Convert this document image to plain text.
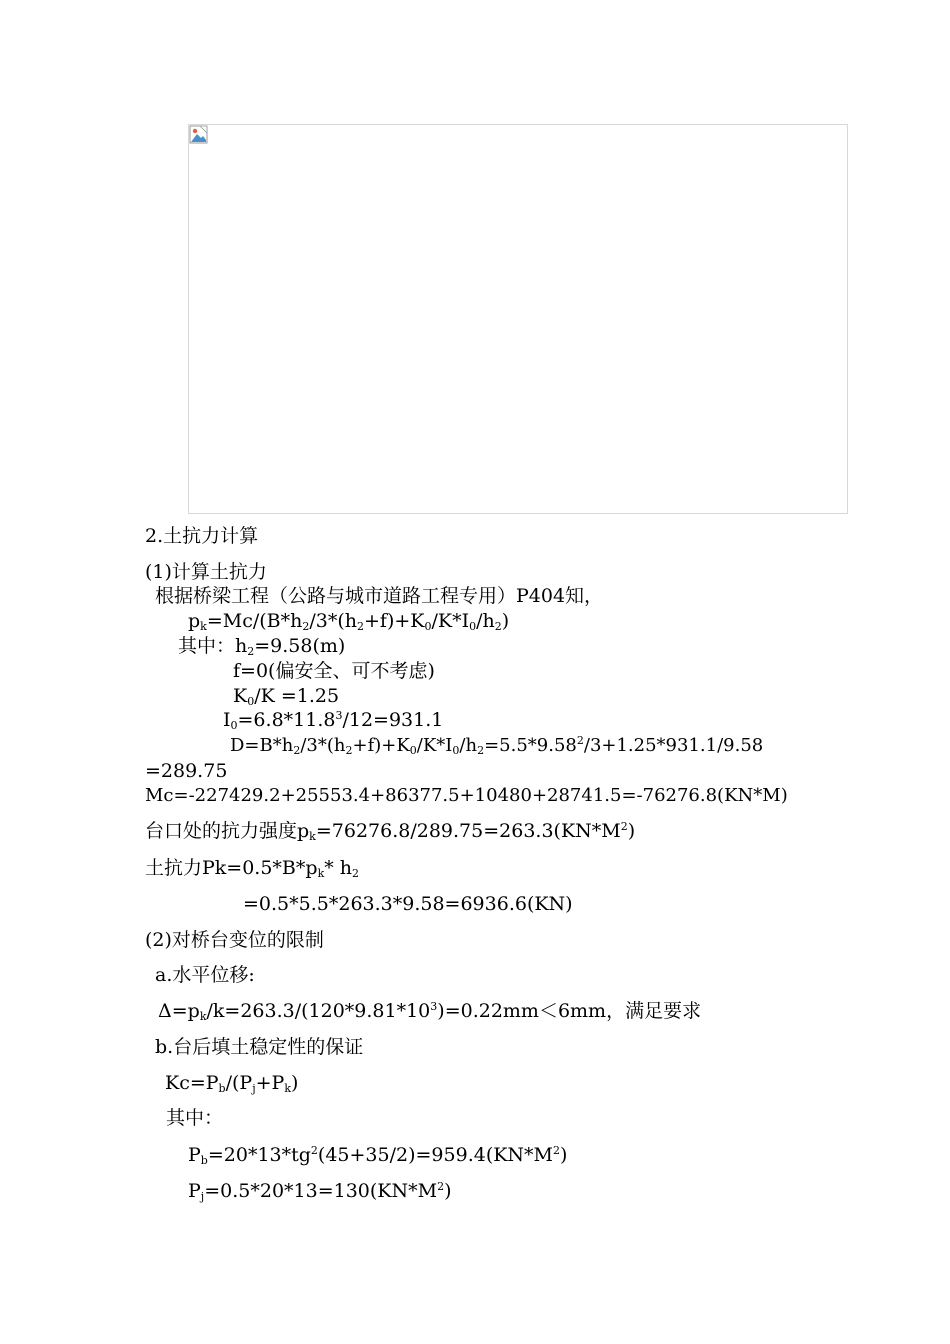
2.土抗力计算
(1)计算土抗力
根据桥梁工程（公路与城市道路工程专用）P404知，
$p_k=Mc/(B*h_2/3*(h_2+f)+K_0/K*I_0/h_2)$
其中：$h_2=9.58(m)$
f=0(偏安全、可不考虑)
$K_0/K =1.25$
$I_0=6.8*11.8^3/12=931.1$
$D=B*h_2/3*(h_2+f)+K_0/K*I_0/h_2=5.5*9.58^2/3+1.25*931.1/9.58$
=289.75
Mc=-227429.2+25553.4+86377.5+10480+28741.5=-76276.8(KN*M)
台口处的抗力强度$p_k=76276.8/289.75=263.3(KN*M^2)$
土抗力$Pk=0.5*B*p_k*$ $h_2$
=0.5*5.5*263.3*9.58=6936.6(KN)
(2)对桥台变位的限制
a.水平位移:
$\Delta=p_k/k=263.3/(120*9.81*10^3)=0.22mm<6mm$，满足要求
b.台后填土稳定性的保证
$Kc=P_b/(P_j+P_k)$
其中：
$P_b=20*13*tg^2(45+35/2)=959.4(KN*M^2)$
$P_j=0.5*20*13=130(KN*M^2)$
